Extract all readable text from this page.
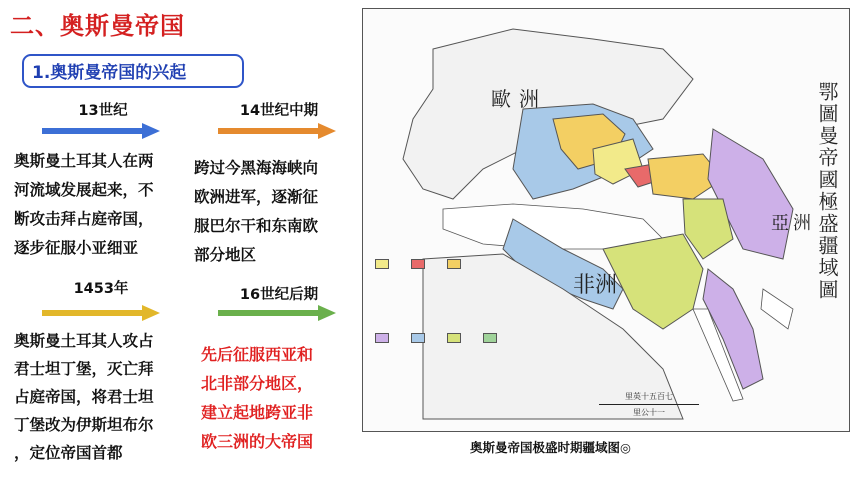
二、奥斯曼帝国
1.奥斯曼帝国的兴起
13世纪	14世纪中期
奥斯曼土耳其人在两
河流域发展起来，不
断攻击拜占庭帝国，
逐步征服小亚细亚
跨过今黑海海峡向
欧洲进军，逐渐征
服巴尔干和东南欧
部分地区
1453年	16世纪后期
奥斯曼土耳其人攻占
君士坦丁堡，灭亡拜
占庭帝国，将君士坦
丁堡改为伊斯坦布尔
，定位帝国首都
先后征服西亚和
北非部分地区，
建立起地跨亚非
欧三洲的大帝国
歐洲
非洲
亞洲 鄂圖曼帝國極盛疆域圖
里英十五百七
里公十一
奥斯曼帝国极盛时期疆域图◎
